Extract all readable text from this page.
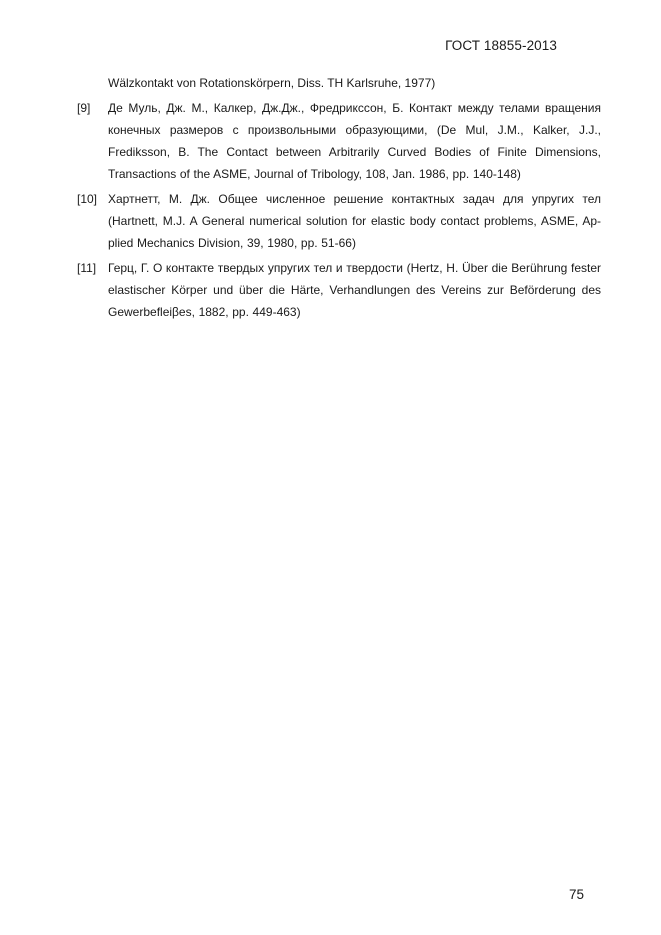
ГОСТ 18855-2013
Wälzkontakt von Rotationskörpern, Diss. TH Karlsruhe, 1977)
[9]	Де Муль, Дж. М., Калкер, Дж.Дж., Фредрикссон, Б. Контакт между телами вращения конечных размеров с произвольными образующими, (De Mul, J.M., Kalker, J.J., Frediksson, B. The Contact between Arbitrarily Curved Bodies of Finite Dimensions, Transactions of the ASME, Journal of Tribology, 108, Jan. 1986, pp. 140-148)
[10] Хартнетт, М. Дж. Общее численное решение контактных задач для упругих тел (Hartnett, M.J. A General numerical solution for elastic body contact problems, ASME, Applied Mechanics Division, 39, 1980, pp. 51-66)
[11] Герц, Г. О контакте твердых упругих тел и твердости (Hertz, H. Über die Berührung fester elastischer Körper und über die Härte, Verhandlungen des Vereins zur Beförderung des Gewerbefleiβes, 1882, pp. 449-463)
75
